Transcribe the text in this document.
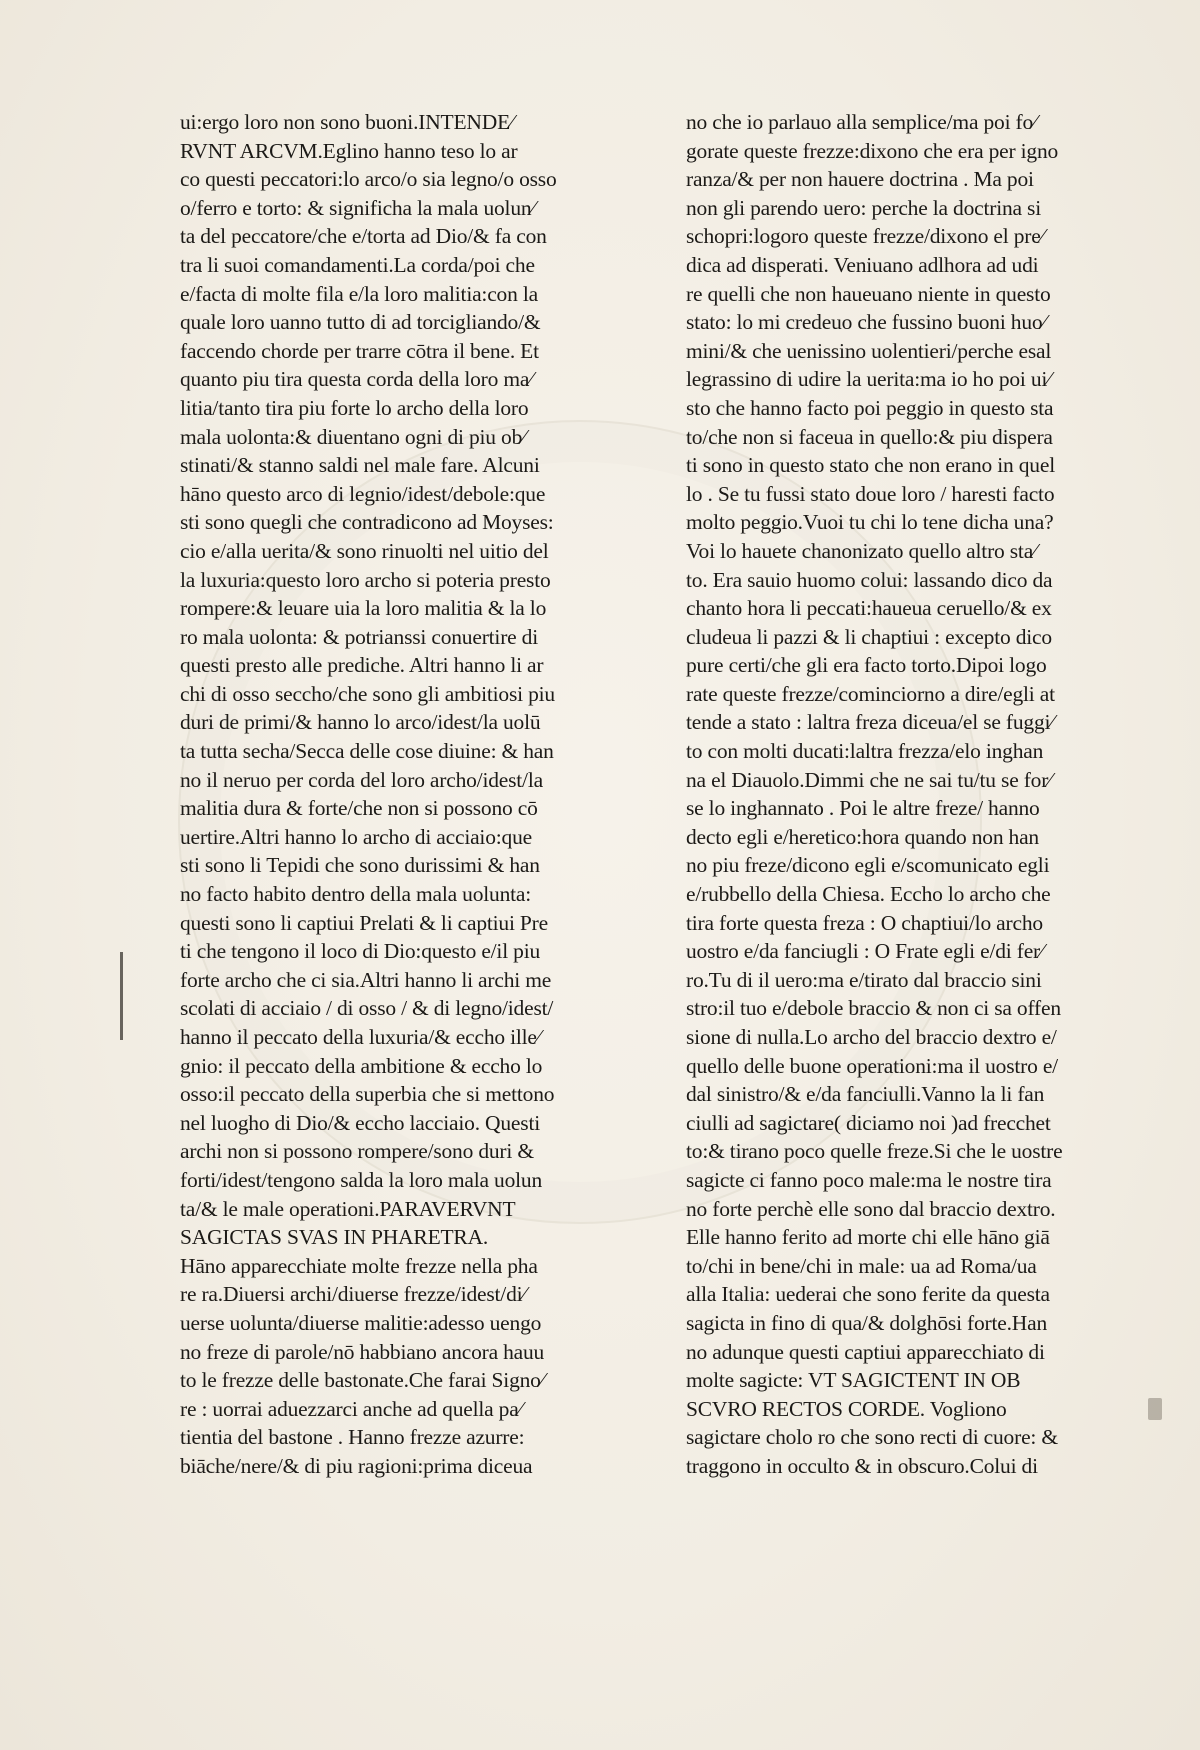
ui:ergo loro non sono buoni.INTENDE⁄
RVNT ARCVM.Eglino hanno teso lo ar
co questi peccatori:lo arco/o sia legno/o osso
o/ferro e torto: & significha la mala uolun⁄
ta del peccatore/che e/torta ad Dio/& fa con
tra li suoi comandamenti.La corda/poi che
e/facta di molte fila e/la loro malitia:con la
quale loro uanno tutto di ad torcigliando/&
faccendo chorde per trarre cōtra il bene. Et
quanto piu tira questa corda della loro ma⁄
litia/tanto tira piu forte lo archo della loro
mala uolonta:& diuentano ogni di piu ob⁄
stinati/& stanno saldi nel male fare. Alcuni
hāno questo arco di legnio/idest/debole:que
sti sono quegli che contradicono ad Moyses:
cio e/alla uerita/& sono rinuolti nel uitio del
la luxuria:questo loro archo si poteria presto
rompere:& leuare uia la loro malitia & la lo
ro mala uolonta: & potrianssi conuertire di
questi presto alle prediche. Altri hanno li ar
chi di osso seccho/che sono gli ambitiosi piu
duri de primi/& hanno lo arco/idest/la uolū
ta tutta secha/Secca delle cose diuine: & han
no il neruo per corda del loro archo/idest/la
malitia dura & forte/che non si possono cō
uertire.Altri hanno lo archo di acciaio:que
sti sono li Tepidi che sono durissimi & han
no facto habito dentro della mala uolunta:
questi sono li captiui Prelati & li captiui Pre
ti che tengono il loco di Dio:questo e/il piu
forte archo che ci sia.Altri hanno li archi me
scolati di acciaio / di osso / & di legno/idest/
hanno il peccato della luxuria/& eccho ille⁄
gnio: il peccato della ambitione & eccho lo
osso:il peccato della superbia che si mettono
nel luogho di Dio/& eccho lacciaio. Questi
archi non si possono rompere/sono duri &
forti/idest/tengono salda la loro mala uolun
ta/& le male operationi.PARAVERVNT
SAGICTAS SVAS IN PHARETRA.
Hāno apparecchiate molte frezze nella pha
re ra.Diuersi archi/diuerse frezze/idest/di⁄
uerse uolunta/diuerse malitie:adesso uengo
no freze di parole/nō habbiano ancora hauu
to le frezze delle bastonate.Che farai Signo⁄
re : uorrai aduezzarci anche ad quella pa⁄
tientia del bastone . Hanno frezze azurre:
biāche/nere/& di piu ragioni:prima diceua
no che io parlauo alla semplice/ma poi fo⁄
gorate queste frezze:dixono che era per igno
ranza/& per non hauere doctrina . Ma poi
non gli parendo uero: perche la doctrina si
schopri:logoro queste frezze/dixono el pre⁄
dica ad disperati. Veniuano adlhora ad udi
re quelli che non haueuano niente in questo
stato: lo mi credeuo che fussino buoni huo⁄
mini/& che uenissino uolentieri/perche esal
legrassino di udire la uerita:ma io ho poi ui⁄
sto che hanno facto poi peggio in questo sta
to/che non si faceua in quello:& piu dispera
ti sono in questo stato che non erano in quel
lo . Se tu fussi stato doue loro / haresti facto
molto peggio.Vuoi tu chi lo tene dicha una?
Voi lo hauete chanonizato quello altro sta⁄
to. Era sauio huomo colui: lassando dico da
chanto hora li peccati:haueua ceruello/& ex
cludeua li pazzi & li chaptiui : excepto dico
pure certi/che gli era facto torto.Dipoi logo
rate queste frezze/cominciorno a dire/egli at
tende a stato : laltra freza diceua/el se fuggi⁄
to con molti ducati:laltra frezza/elo inghan
na el Diauolo.Dimmi che ne sai tu/tu se for⁄
se lo inghannato . Poi le altre freze/ hanno
decto egli e/heretico:hora quando non han
no piu freze/dicono egli e/scomunicato egli
e/rubbello della Chiesa. Eccho lo archo che
tira forte questa freza : O chaptiui/lo archo
uostro e/da fanciugli : O Frate egli e/di fer⁄
ro.Tu di il uero:ma e/tirato dal braccio sini
stro:il tuo e/debole braccio & non ci sa offen
sione di nulla.Lo archo del braccio dextro e/
quello delle buone operationi:ma il uostro e/
dal sinistro/& e/da fanciulli.Vanno la li fan
ciulli ad sagictare( diciamo noi )ad frecchet
to:& tirano poco quelle freze.Si che le uostre
sagicte ci fanno poco male:ma le nostre tira
no forte perchè elle sono dal braccio dextro.
Elle hanno ferito ad morte chi elle hāno giā
to/chi in bene/chi in male: ua ad Roma/ua
alla Italia: uederai che sono ferite da questa
sagicta in fino di qua/& dolghōsi forte.Han
no adunque questi captiui apparecchiato di
molte sagicte: VT SAGICTENT IN OB
SCVRO RECTOS CORDE. Vogliono
sagictare cholo ro che sono recti di cuore: &
traggono in occulto & in obscuro.Colui di
